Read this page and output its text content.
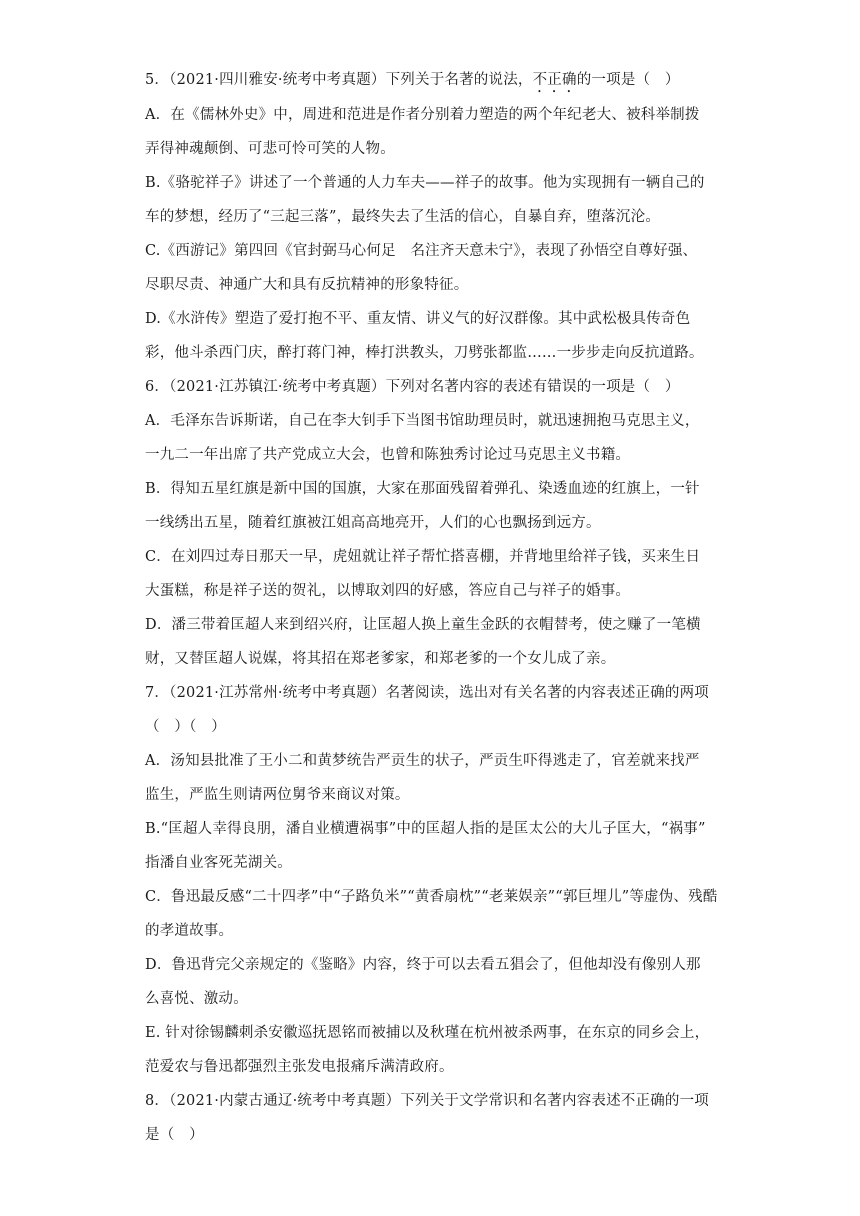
5．（2021·四川雅安·统考中考真题）下列关于名著的说法，不正确的一项是（　）
A．在《儒林外史》中，周进和范进是作者分别着力塑造的两个年纪老大、被科举制拨
弄得神魂颠倒、可悲可怜可笑的人物。
B.《骆驼祥子》讲述了一个普通的人力车夫——祥子的故事。他为实现拥有一辆自己的
车的梦想，经历了“三起三落”，最终失去了生活的信心，自暴自弃，堕落沉沦。
C.《西游记》第四回《官封弼马心何足　名注齐天意未宁》，表现了孙悟空自尊好强、
尽职尽责、神通广大和具有反抗精神的形象特征。
D.《水浒传》塑造了爱打抱不平、重友情、讲义气的好汉群像。其中武松极具传奇色
彩，他斗杀西门庆，醉打蒋门神，棒打洪教头，刀劈张都监……一步步走向反抗道路。
6．（2021·江苏镇江·统考中考真题）下列对名著内容的表述有错误的一项是（　）
A．毛泽东告诉斯诺，自己在李大钊手下当图书馆助理员时，就迅速拥抱马克思主义，
一九二一年出席了共产党成立大会，也曾和陈独秀讨论过马克思主义书籍。
B．得知五星红旗是新中国的国旗，大家在那面残留着弹孔、染透血迹的红旗上，一针
一线绣出五星，随着红旗被江姐高高地亮开，人们的心也飘扬到远方。
C．在刘四过寿日那天一早，虎妞就让祥子帮忙搭喜棚，并背地里给祥子钱，买来生日
大蛋糕，称是祥子送的贺礼，以博取刘四的好感，答应自己与祥子的婚事。
D．潘三带着匡超人来到绍兴府，让匡超人换上童生金跃的衣帽替考，使之赚了一笔横
财，又替匡超人说媒，将其招在郑老爹家，和郑老爹的一个女儿成了亲。
7．（2021·江苏常州·统考中考真题）名著阅读，选出对有关名著的内容表述正确的两项
（　）（　）
A．汤知县批准了王小二和黄梦统告严贡生的状子，严贡生吓得逃走了，官差就来找严
监生，严监生则请两位舅爷来商议对策。
B.“匡超人幸得良朋，潘自业横遭祸事”中的匡超人指的是匡太公的大儿子匡大，“祸事”
指潘自业客死芜湖关。
C．鲁迅最反感“二十四孝”中“子路负米”“黄香扇枕”“老莱娱亲”“郭巨埋儿”等虚伪、残酷
的孝道故事。
D．鲁迅背完父亲规定的《鉴略》内容，终于可以去看五猖会了，但他却没有像别人那
么喜悦、激动。
E. 针对徐锡麟刺杀安徽巡抚恩铭而被捕以及秋瑾在杭州被杀两事，在东京的同乡会上，
范爱农与鲁迅都强烈主张发电报痛斥满清政府。
8．（2021·内蒙古通辽·统考中考真题）下列关于文学常识和名著内容表述不正确的一项
是（　）
